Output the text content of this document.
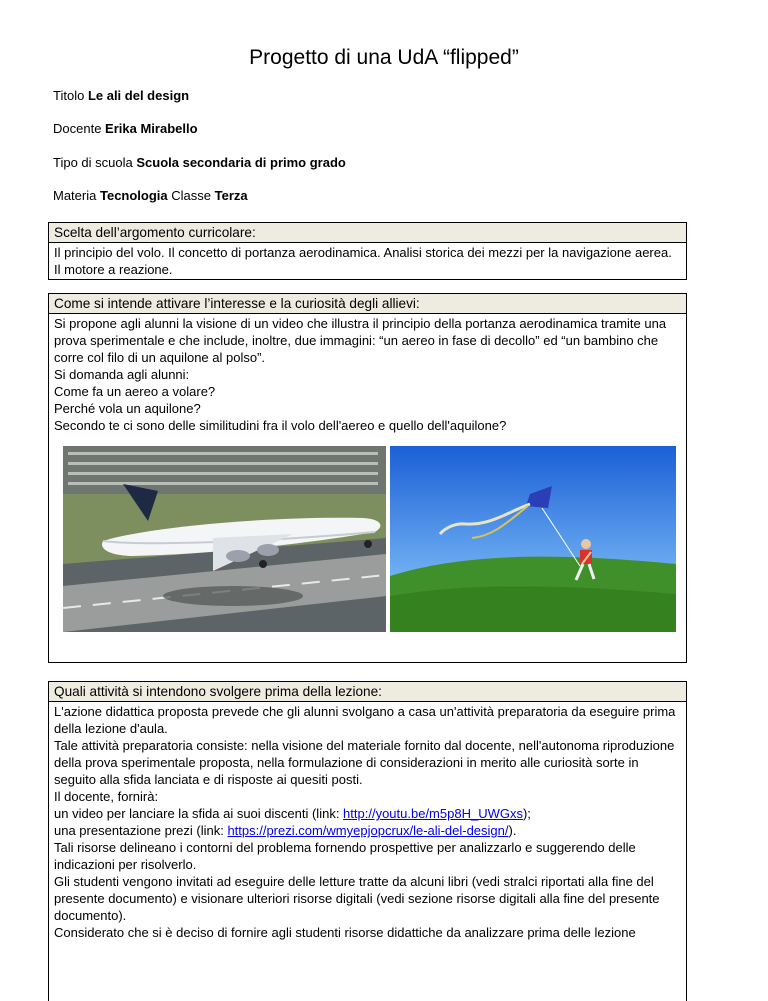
Progetto di una UdA “flipped”
Titolo Le ali del design
Docente Erika Mirabello
Tipo di scuola Scuola secondaria di primo grado
Materia Tecnologia Classe Terza
Scelta dell’argomento curricolare:

Il principio del volo. Il concetto di portanza aerodinamica. Analisi storica dei mezzi per la navigazione aerea. Il motore a reazione.

Come si intende attivare l’interesse e la curiosità degli allievi:

Si propone agli alunni la visione di un video che illustra il principio della portanza aerodinamica tramite una prova sperimentale e che include, inoltre, due immagini: “un aereo in fase di decollo” ed “un bambino che corre col filo di un aquilone al polso”.

Si domanda agli alunni:

Come fa un aereo a volare?

Perché vola un aquilone?

Secondo te ci sono delle similitudini fra il volo dell'aereo e quello dell'aquilone?

Quali attività si intendono svolgere prima della lezione:

L'azione didattica proposta prevede che gli alunni svolgano a casa un'attività preparatoria da eseguire prima della lezione d'aula.

Tale attività preparatoria consiste: nella visione del materiale fornito dal docente, nell'autonoma riproduzione della prova sperimentale proposta, nella formulazione di considerazioni in merito alle curiosità sorte in seguito alla sfida lanciata e di risposte ai quesiti posti.

Il docente, fornirà:

un video per lanciare la sfida ai suoi discenti (link: http://youtu.be/m5p8H_UWGxs);

una presentazione prezi (link: https://prezi.com/wmyepjopcrux/le-ali-del-design/).

Tali risorse delineano i contorni del problema fornendo prospettive per analizzarlo e suggerendo delle indicazioni per risolverlo.

Gli studenti vengono invitati ad eseguire delle letture tratte da alcuni libri (vedi stralci riportati alla fine del presente documento) e visionare ulteriori risorse digitali (vedi sezione risorse digitali alla fine del presente documento).

Considerato che si è deciso di fornire agli studenti risorse didattiche da analizzare prima delle lezione
